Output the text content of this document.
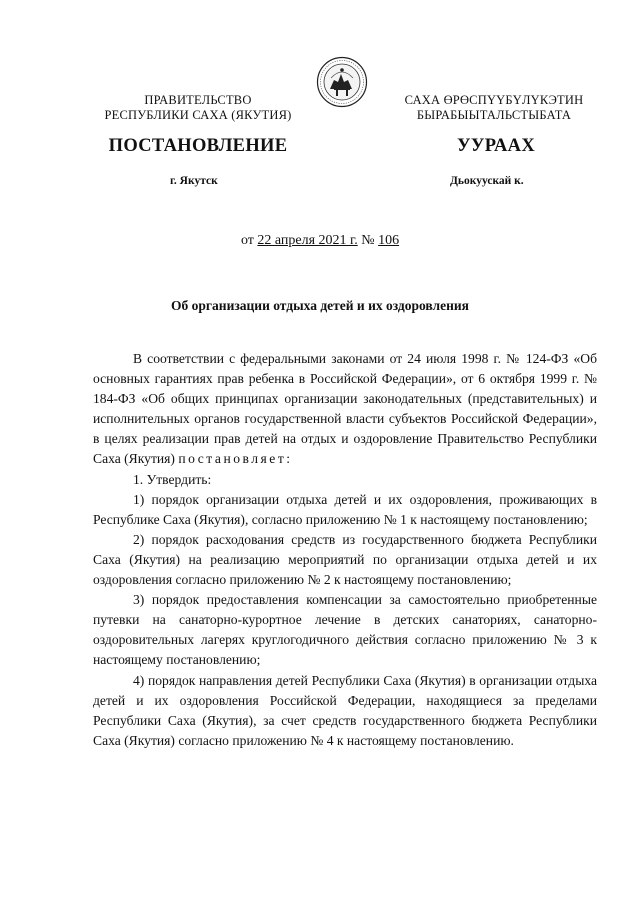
ПРАВИТЕЛЬСТВО
РЕСПУБЛИКИ САХА (ЯКУТИЯ)
САХА ӨРӨСПҮҮБҮЛҮКЭТИН
БЫРАБЫЫТАЛЬСТЫБАТА
ПОСТАНОВЛЕНИЕ	УУРААХ
г. Якутск	Дьокуускай к.
от 22 апреля 2021 г. № 106
Об организации отдыха детей и их оздоровления

В соответствии с федеральными законами от 24 июля 1998 г. № 124-ФЗ «Об основных гарантиях прав ребенка в Российской Федерации», от 6 октября 1999 г. № 184-ФЗ «Об общих принципах организации законодательных (представительных) и исполнительных органов государственной власти субъектов Российской Федерации», в целях реализации прав детей на отдых и оздоровление Правительство Республики Саха (Якутия) постановляет:

1. Утвердить:

1) порядок организации отдыха детей и их оздоровления, проживающих в Республике Саха (Якутия), согласно приложению № 1 к настоящему постановлению;

2) порядок расходования средств из государственного бюджета Республики Саха (Якутия) на реализацию мероприятий по организации отдыха детей и их оздоровления согласно приложению № 2 к настоящему постановлению;

3) порядок предоставления компенсации за самостоятельно приобретенные путевки на санаторно-курортное лечение в детских санаториях, санаторно-оздоровительных лагерях круглогодичного действия согласно приложению № 3 к настоящему постановлению;

4) порядок направления детей Республики Саха (Якутия) в организации отдыха детей и их оздоровления Российской Федерации, находящиеся за пределами Республики Саха (Якутия), за счет средств государственного бюджета Республики Саха (Якутия) согласно приложению № 4 к настоящему постановлению.
